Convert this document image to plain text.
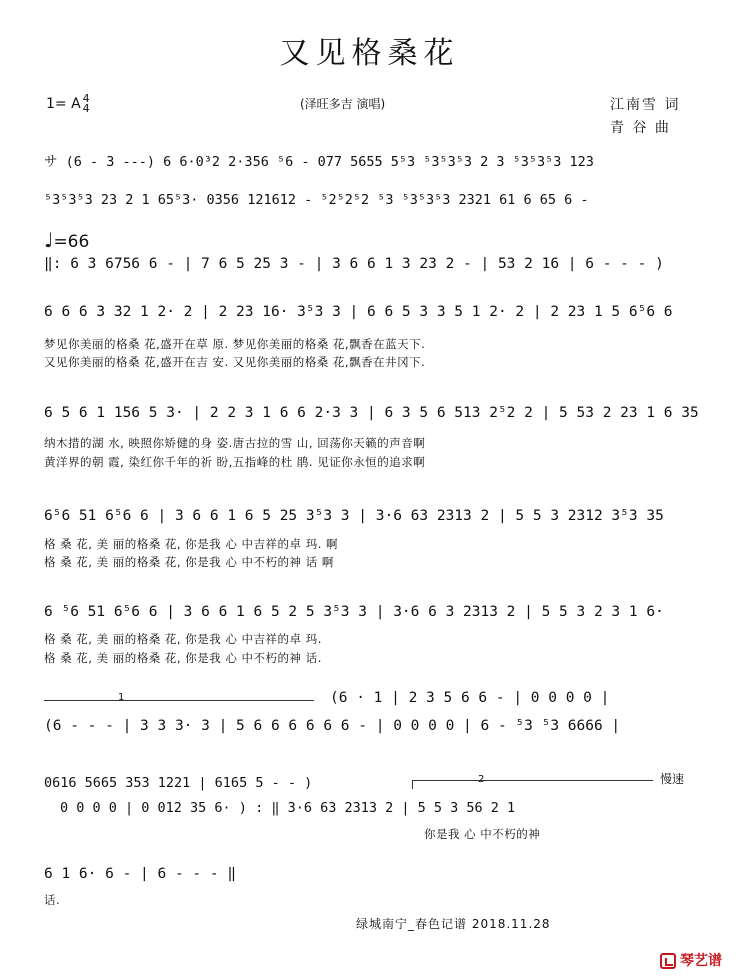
又见格桑花
1= A 4
4	(泽旺多吉 演唱)	江南雪 词
青 谷 曲
サ (6 - 3 ---) 6 6·0³2 2·356 ⁵6 - 077 5655 5⁵3 ⁵3⁵3⁵3 2 3 ⁵3⁵3⁵3 123
⁵3⁵3⁵3 23 2 1 65⁵3· 0356 121612 - ⁵2⁵2⁵2 ⁵3 ⁵3⁵3⁵3 2321 61 6 65 6 -
♩=66
‖: 6 3 6756 6 - | 7 6 5 25 3 - | 3 6 6 1 3 23 2 - | 53 2 16 | 6 - - - )
6 6 6 3 32 1 2· 2 | 2 23 16· 3⁵3 3 | 6 6 5 3 3 5 1 2· 2 | 2 23 1 5 6⁵6 6
梦见你美丽的格桑 花,盛开在草 原. 梦见你美丽的格桑 花,飘香在蓝天下.
又见你美丽的格桑 花,盛开在吉 安. 又见你美丽的格桑 花,飘香在井冈下.
6 5 6 1 156 5 3· | 2 2 3 1 6 6 2·3 3 | 6 3 5 6 513 2⁵2 2 | 5 53 2 23 1 6 35
纳木措的湖 水, 映照你矫健的身 姿.唐古拉的雪 山, 回荡你天籁的声音啊
黄洋界的朝 霞, 染红你千年的祈 盼,五指峰的杜 鹃. 见证你永恒的追求啊
6⁵6 51 6⁵6 6 | 3 6 6 1 6 5 25 3⁵3 3 | 3·6 63 2313 2 | 5 5 3 2312 3⁵3 35
格 桑 花, 美 丽的格桑 花, 你是我 心 中吉祥的卓 玛. 啊
格 桑 花, 美 丽的格桑 花, 你是我 心 中不朽的神 话 啊
6 ⁵6 51 6⁵6 6 | 3 6 6 1 6 5 2 5 3⁵3 3 | 3·6 6 3 2313 2 | 5 5 3 2 3 1 6·
格 桑 花, 美 丽的格桑 花, 你是我 心 中吉祥的卓 玛.
格 桑 花, 美 丽的格桑 花, 你是我 心 中不朽的神 话.
1	(6 · 1 | 2 3 5 6 6 - | 0 0 0 0 |
(6 - - - | 3 3 3· 3 | 5 6 6 6 6 6 6 - | 0 0 0 0 | 6 - ⁵3 ⁵3 6666 |
0616 5665 353 1221 | 6165 5 - - )	2	慢速
0 0 0 0 | 0 012 35 6· ) : ‖ 3·6 63 2313 2 | 5 5 3 56 2 1
你是我 心 中不朽的神
6 1 6· 6 - | 6 - - - ‖
话.
绿城南宁_春色记谱 2018.11.28
琴艺谱
